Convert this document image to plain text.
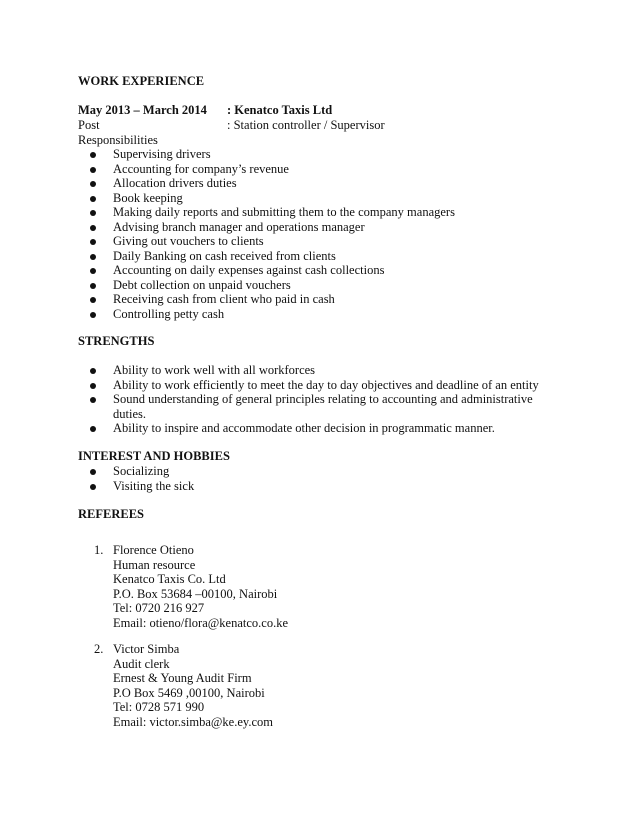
WORK EXPERIENCE
May 2013 – March 2014 : Kenatco Taxis Ltd
Post	: Station controller / Supervisor
Responsibilities
Supervising drivers
Accounting for company’s revenue
Allocation drivers duties
Book keeping
Making daily reports and submitting them to the company managers
Advising branch manager and operations manager
Giving out vouchers to clients
Daily Banking on cash received from clients
Accounting on daily expenses against cash collections
Debt collection on unpaid vouchers
Receiving cash from client who paid in cash
Controlling petty cash
STRENGTHS
Ability to work well with all workforces
Ability to work efficiently to meet the day to day objectives and deadline of an entity
Sound understanding of general principles relating to accounting and administrative duties.
Ability to inspire and accommodate other decision in programmatic manner.
INTEREST AND HOBBIES
Socializing
Visiting the sick
REFEREES
1. Florence Otieno
Human resource
Kenatco Taxis Co. Ltd
P.O. Box 53684 –00100, Nairobi
Tel: 0720 216 927
Email: otieno/flora@kenatco.co.ke
2. Victor Simba
Audit clerk
Ernest & Young Audit Firm
P.O Box 5469 ,00100, Nairobi
Tel: 0728 571 990
Email: victor.simba@ke.ey.com
